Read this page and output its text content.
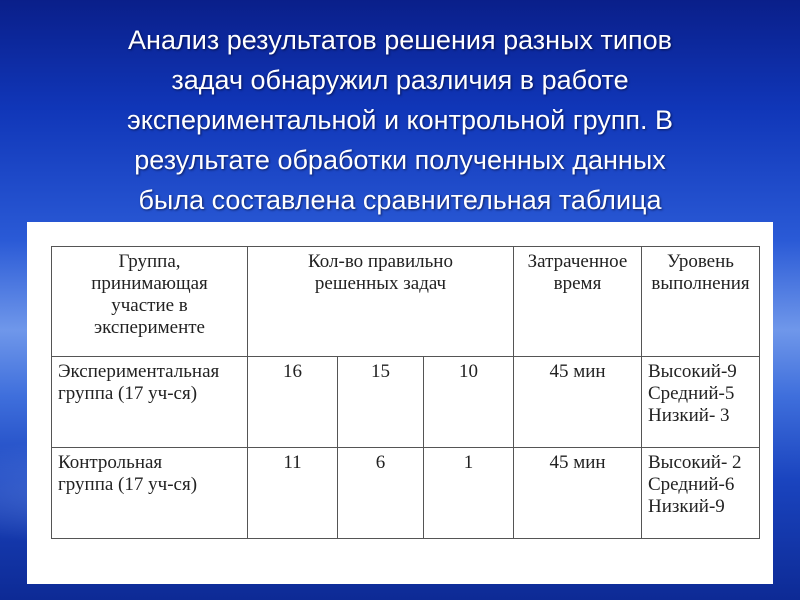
Анализ результатов решения разных типов
задач обнаружил различия в работе
экспериментальной и контрольной групп. В
результате обработки полученных данных
была составлена сравнительная таблица
Группа,
принимающая
участие в
эксперименте	Кол-во правильно
решенных задач			Затраченное
время	Уровень
выполнения

Экспериментальная
группа (17 уч-ся)	16	15	10	45 мин	Высокий-9
Средний-5
Низкий- 3

Контрольная
группа (17 уч-ся)	11	6	1	45 мин	Высокий- 2
Средний-6
Низкий-9
